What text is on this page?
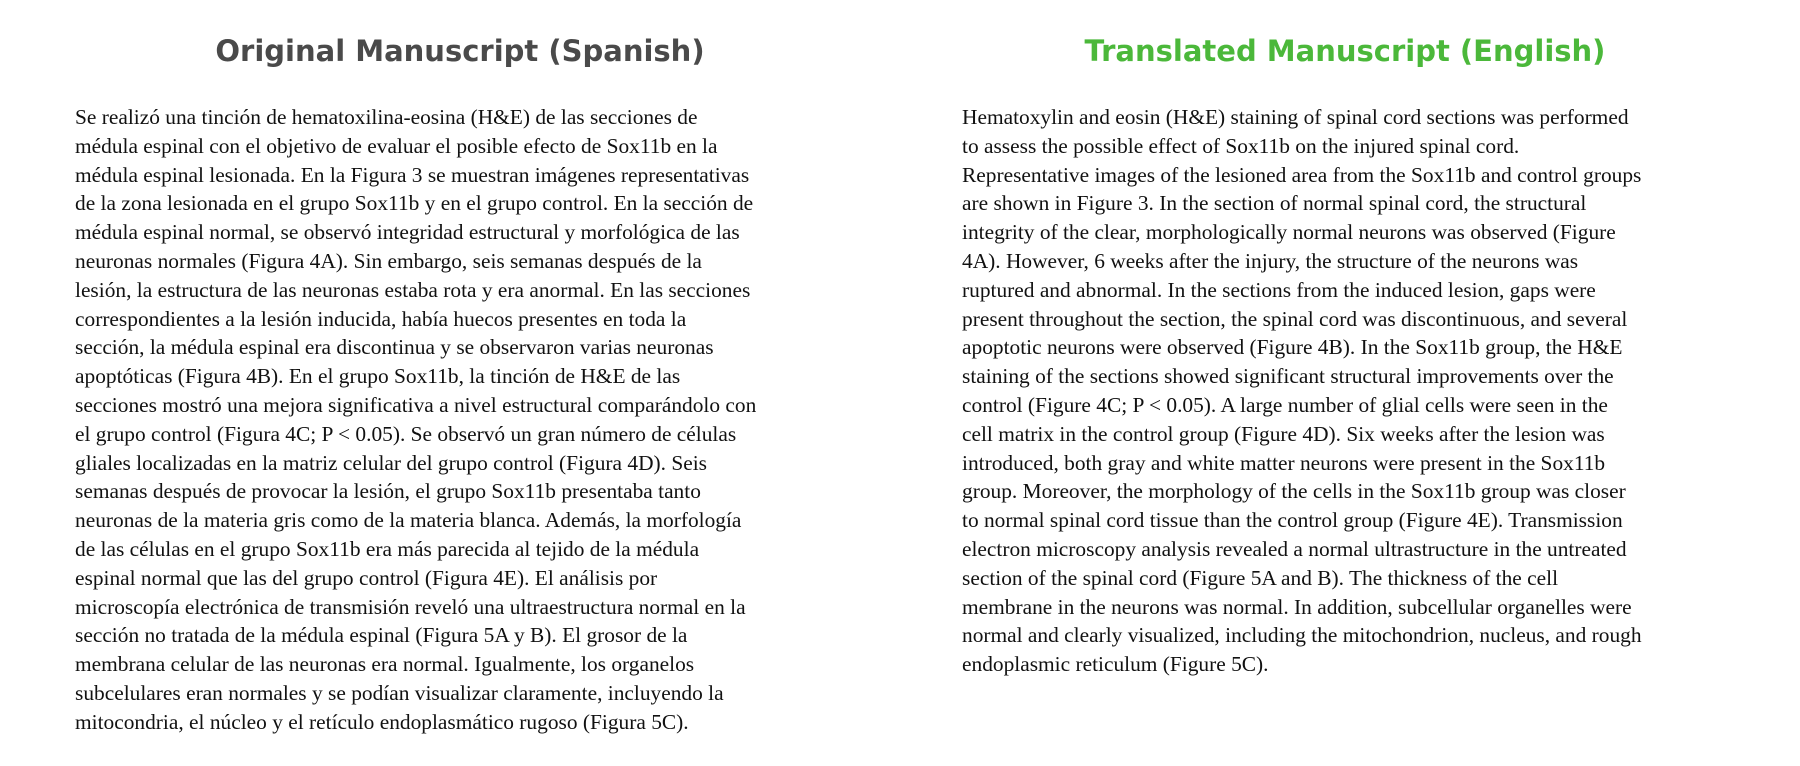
Original Manuscript (Spanish)
Se realizó una tinción de hematoxilina-eosina (H&E) de las secciones de
médula espinal con el objetivo de evaluar el posible efecto de Sox11b en la
médula espinal lesionada. En la Figura 3 se muestran imágenes representativas
de la zona lesionada en el grupo Sox11b y en el grupo control. En la sección de
médula espinal normal, se observó integridad estructural y morfológica de las
neuronas normales (Figura 4A). Sin embargo, seis semanas después de la
lesión, la estructura de las neuronas estaba rota y era anormal. En las secciones
correspondientes a la lesión inducida, había huecos presentes en toda la
sección, la médula espinal era discontinua y se observaron varias neuronas
apoptóticas (Figura 4B). En el grupo Sox11b, la tinción de H&E de las
secciones mostró una mejora significativa a nivel estructural comparándolo con
el grupo control (Figura 4C; P < 0.05). Se observó un gran número de células
gliales localizadas en la matriz celular del grupo control (Figura 4D). Seis
semanas después de provocar la lesión, el grupo Sox11b presentaba tanto
neuronas de la materia gris como de la materia blanca. Además, la morfología
de las células en el grupo Sox11b era más parecida al tejido de la médula
espinal normal que las del grupo control (Figura 4E). El análisis por
microscopía electrónica de transmisión reveló una ultraestructura normal en la
sección no tratada de la médula espinal (Figura 5A y B). El grosor de la
membrana celular de las neuronas era normal. Igualmente, los organelos
subcelulares eran normales y se podían visualizar claramente, incluyendo la
mitocondria, el núcleo y el retículo endoplasmático rugoso (Figura 5C).
Translated Manuscript (English)
Hematoxylin and eosin (H&E) staining of spinal cord sections was performed
to assess the possible effect of Sox11b on the injured spinal cord.
Representative images of the lesioned area from the Sox11b and control groups
are shown in Figure 3. In the section of normal spinal cord, the structural
integrity of the clear, morphologically normal neurons was observed (Figure
4A). However, 6 weeks after the injury, the structure of the neurons was
ruptured and abnormal. In the sections from the induced lesion, gaps were
present throughout the section, the spinal cord was discontinuous, and several
apoptotic neurons were observed (Figure 4B). In the Sox11b group, the H&E
staining of the sections showed significant structural improvements over the
control (Figure 4C; P < 0.05). A large number of glial cells were seen in the
cell matrix in the control group (Figure 4D). Six weeks after the lesion was
introduced, both gray and white matter neurons were present in the Sox11b
group. Moreover, the morphology of the cells in the Sox11b group was closer
to normal spinal cord tissue than the control group (Figure 4E). Transmission
electron microscopy analysis revealed a normal ultrastructure in the untreated
section of the spinal cord (Figure 5A and B). The thickness of the cell
membrane in the neurons was normal. In addition, subcellular organelles were
normal and clearly visualized, including the mitochondrion, nucleus, and rough
endoplasmic reticulum (Figure 5C).
